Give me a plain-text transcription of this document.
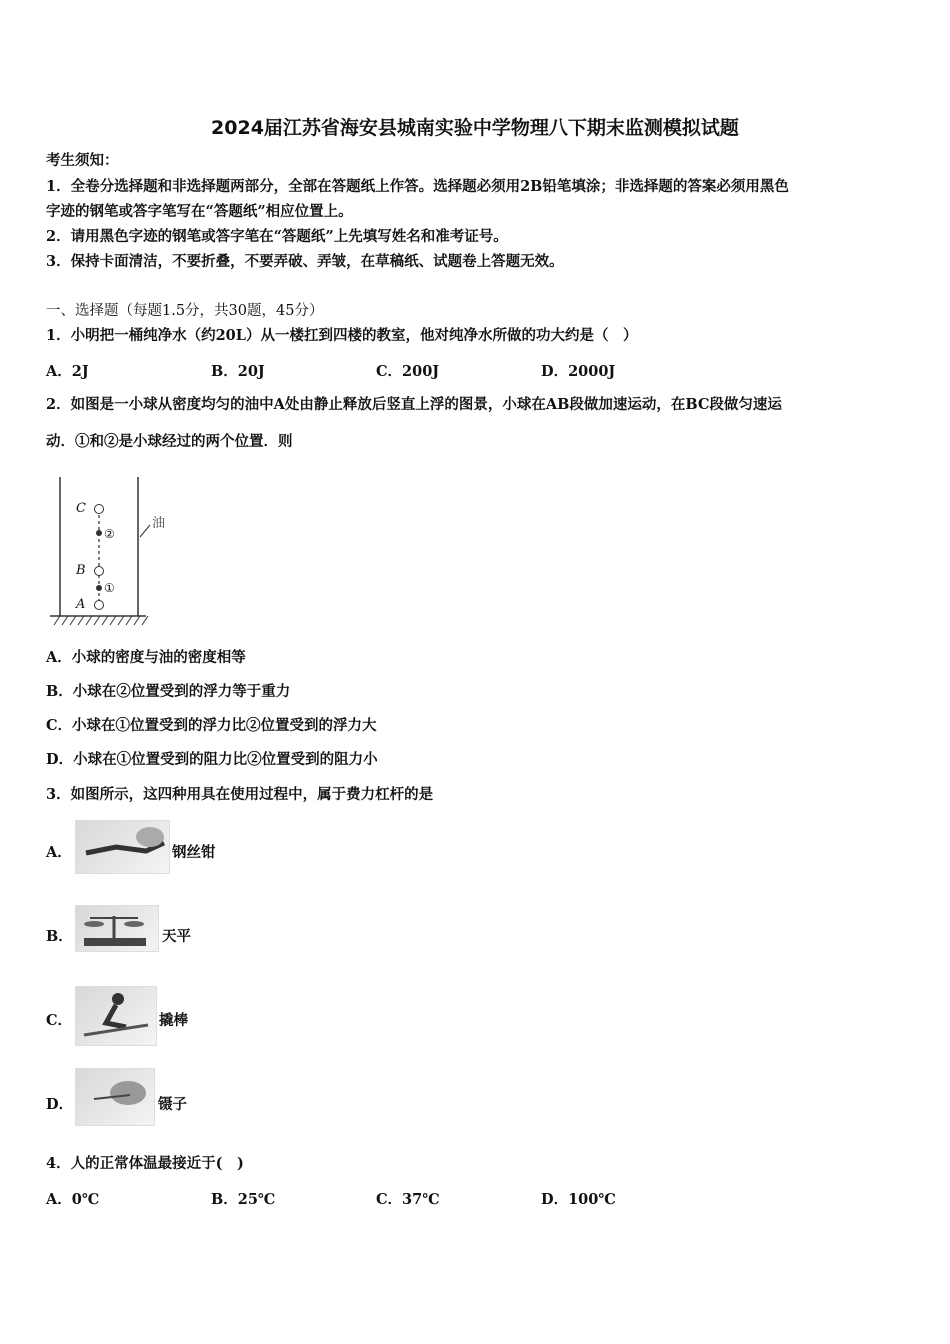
2024届江苏省海安县城南实验中学物理八下期末监测模拟试题
考生须知：
1．全卷分选择题和非选择题两部分，全部在答题纸上作答。选择题必须用2B铅笔填涂；非选择题的答案必须用黑色
字迹的钢笔或答字笔写在“答题纸”相应位置上。
2．请用黑色字迹的钢笔或答字笔在“答题纸”上先填写姓名和准考证号。
3．保持卡面清洁，不要折叠，不要弄破、弄皱，在草稿纸、试题卷上答题无效。
一、选择题（每题1.5分，共30题，45分）
1．小明把一桶纯净水（约20L）从一楼扛到四楼的教室，他对纯净水所做的功大约是（　）
A．2J	B．20J	C．200J	D．2000J
2．如图是一小球从密度均匀的油中A处由静止释放后竖直上浮的图景，小球在AB段做加速运动，在BC段做匀速运
动．①和②是小球经过的两个位置．则
C
②
B
①
A
油
A．小球的密度与油的密度相等
B．小球在②位置受到的浮力等于重力
C．小球在①位置受到的浮力比②位置受到的浮力大
D．小球在①位置受到的阻力比②位置受到的阻力小
3．如图所示，这四种用具在使用过程中，属于费力杠杆的是
A．	钢丝钳
B．	天平
C．	撬棒
D．	镊子
4．人的正常体温最接近于(　)
A．0℃	B．25℃	C．37℃	D．100℃
